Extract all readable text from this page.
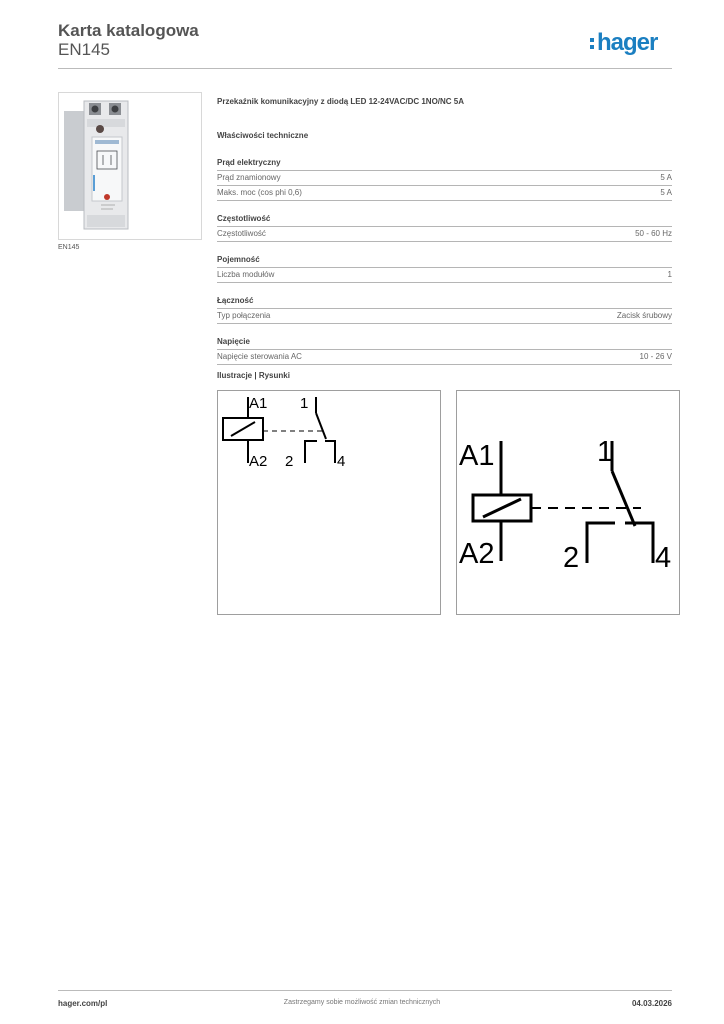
Karta katalogowa
EN145	hager
EN145
Przekaźnik komunikacyjny z diodą LED 12-24VAC/DC 1NO/NC 5A
Właściwości techniczne
Prąd elektryczny
Prąd znamionowy	5 A
Maks. moc (cos phi 0,6)	5 A
Częstotliwość
Częstotliwość	50 - 60 Hz
Pojemność
Liczba modułów	1
Łączność
Typ połączenia	Zacisk śrubowy
Napięcie
Napięcie sterowania AC	10 - 26 V
Ilustracje | Rysunki
A1 1
A2 2	4	A1	1
A2 2	4
hager.com/pl	Zastrzegamy sobie możliwość zmian technicznych	04.03.2026
